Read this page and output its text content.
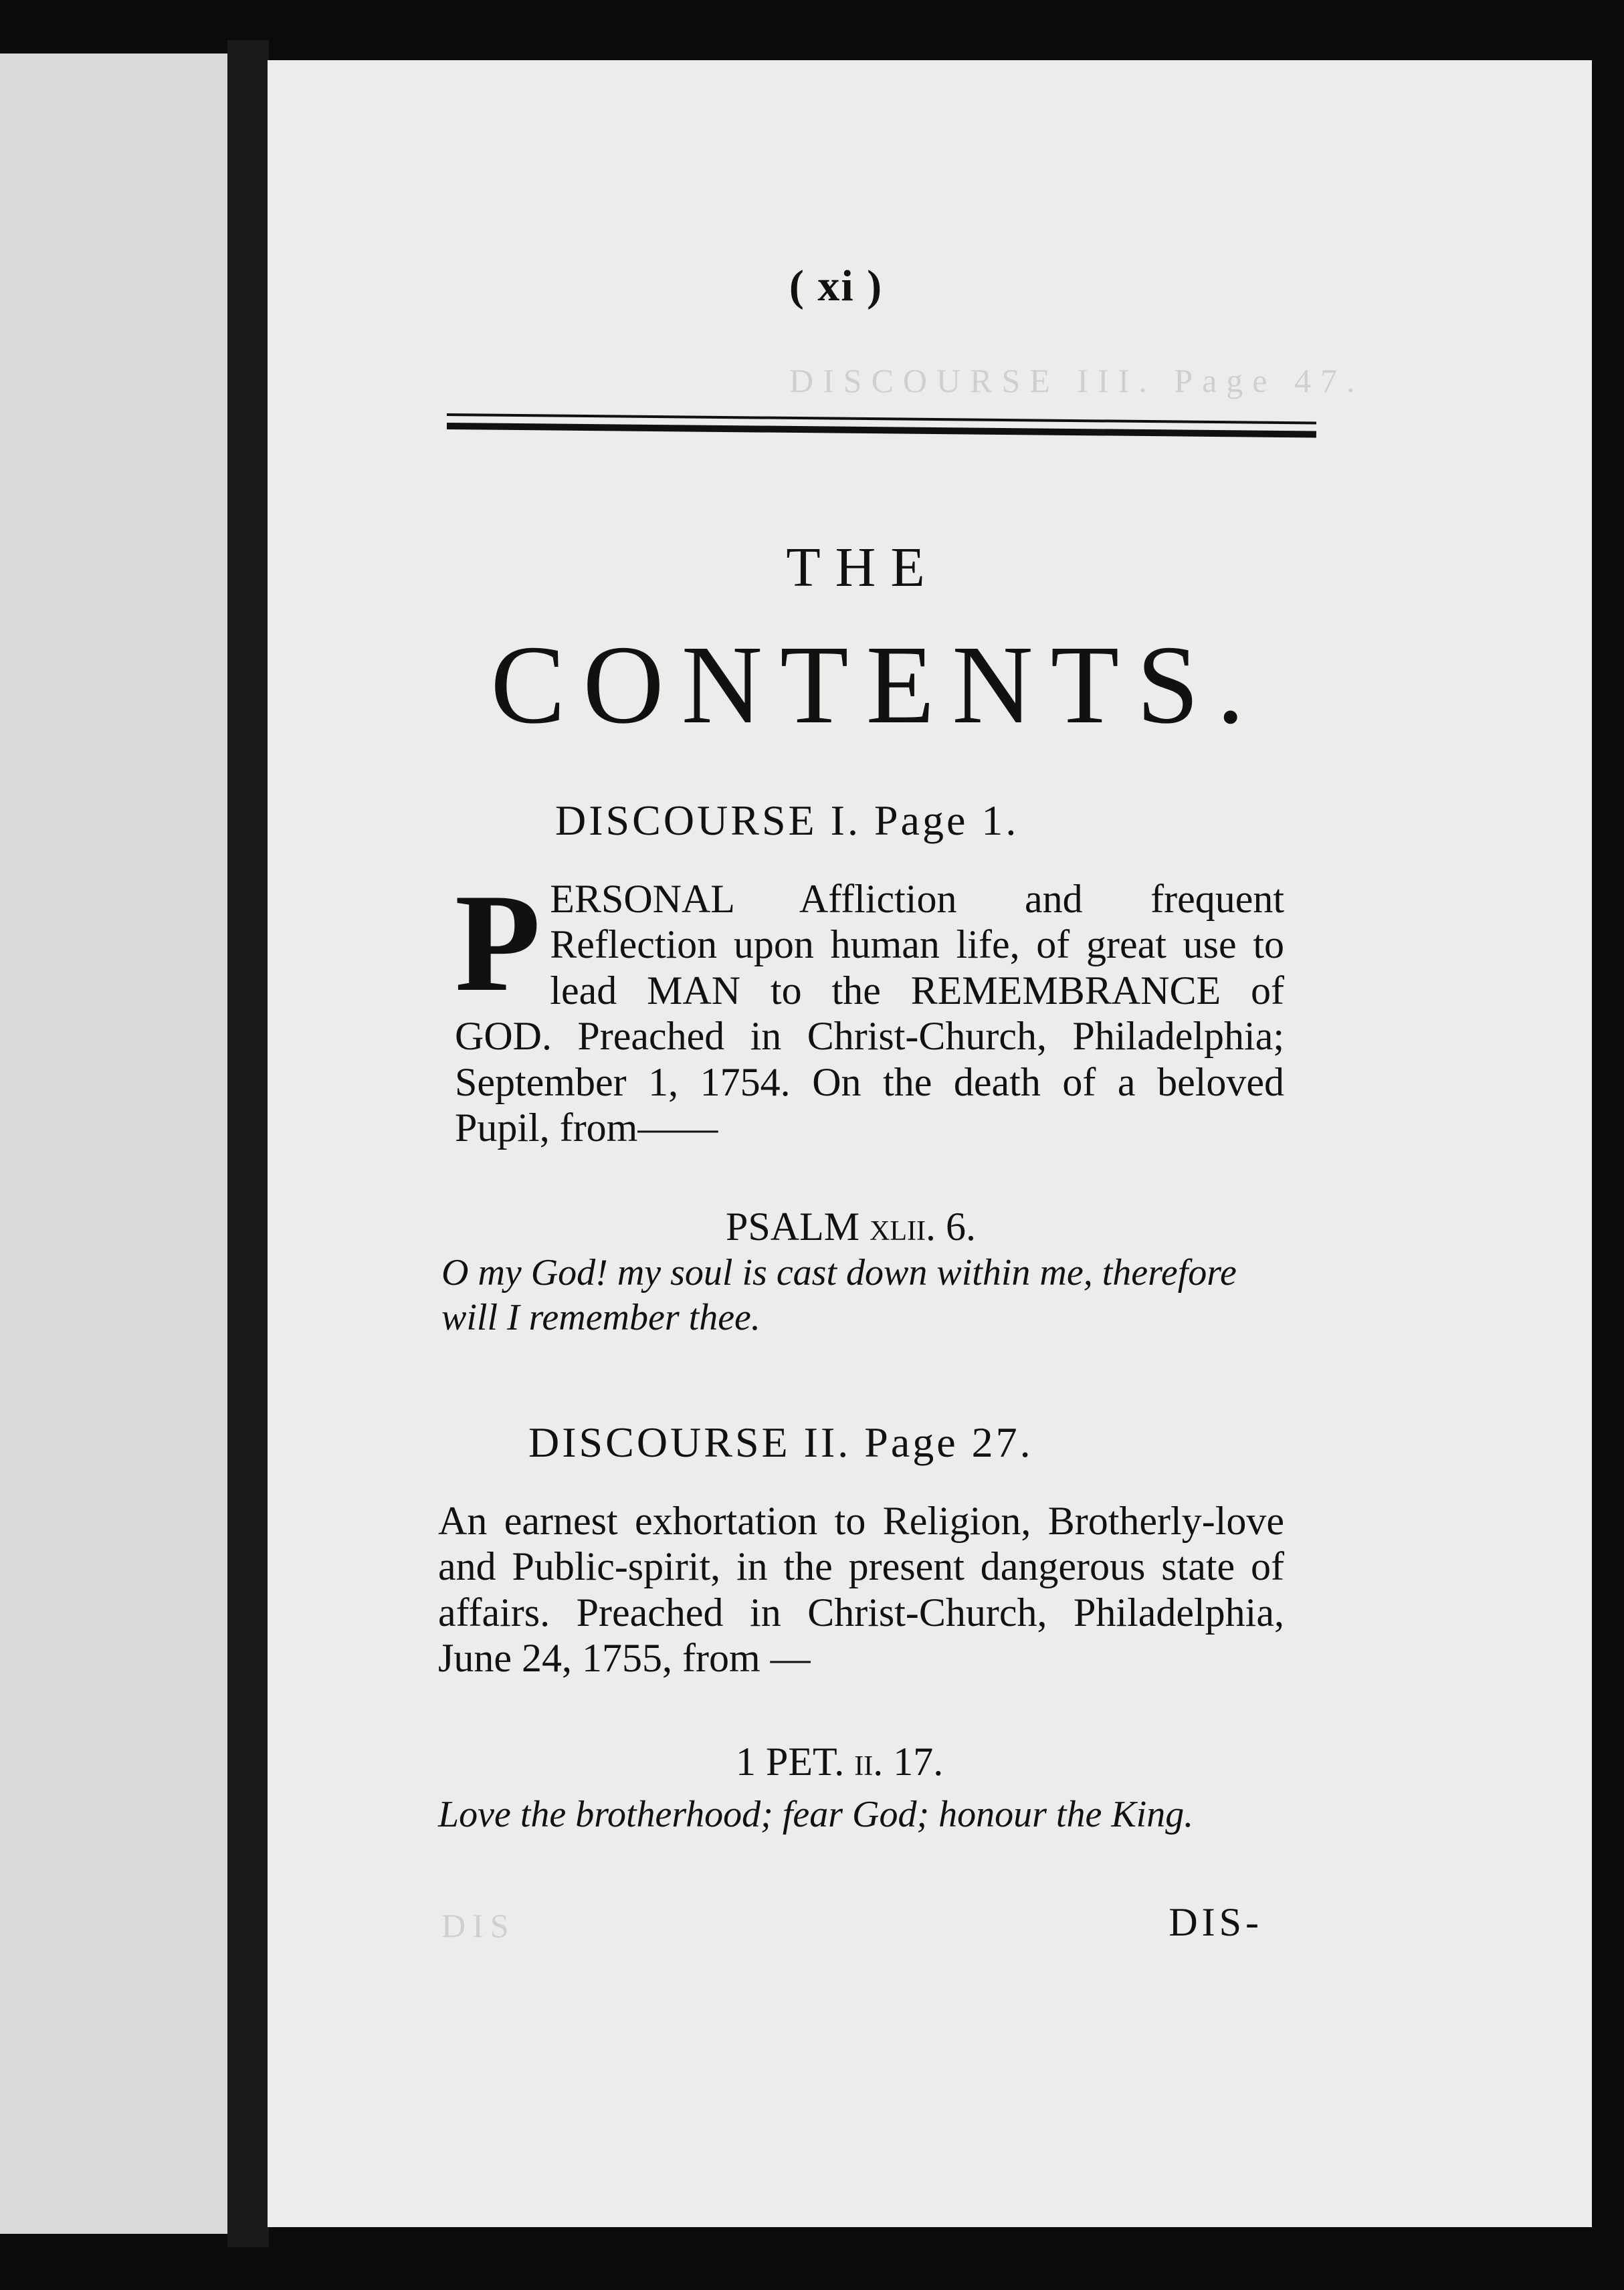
DISCOURSE III. Page 47.
DIS
( xi )
THE
CONTENTS.
DISCOURSE I. Page 1.
PERSONAL Affliction and frequent Reflection upon human life, of great use to lead MAN to the REMEMBRANCE of GOD. Preached in Christ-Church, Philadelphia; September 1, 1754. On the death of a beloved Pupil, from——
PSALM xlii. 6.
O my God! my soul is cast down within me, therefore will I remember thee.
DISCOURSE II. Page 27.
An earnest exhortation to Religion, Brotherly-love and Public-spirit, in the present dangerous state of affairs. Preached in Christ-Church, Philadelphia, June 24, 1755, from —
1 PET. ii. 17.
Love the brotherhood; fear God; honour the King.
DIS-
